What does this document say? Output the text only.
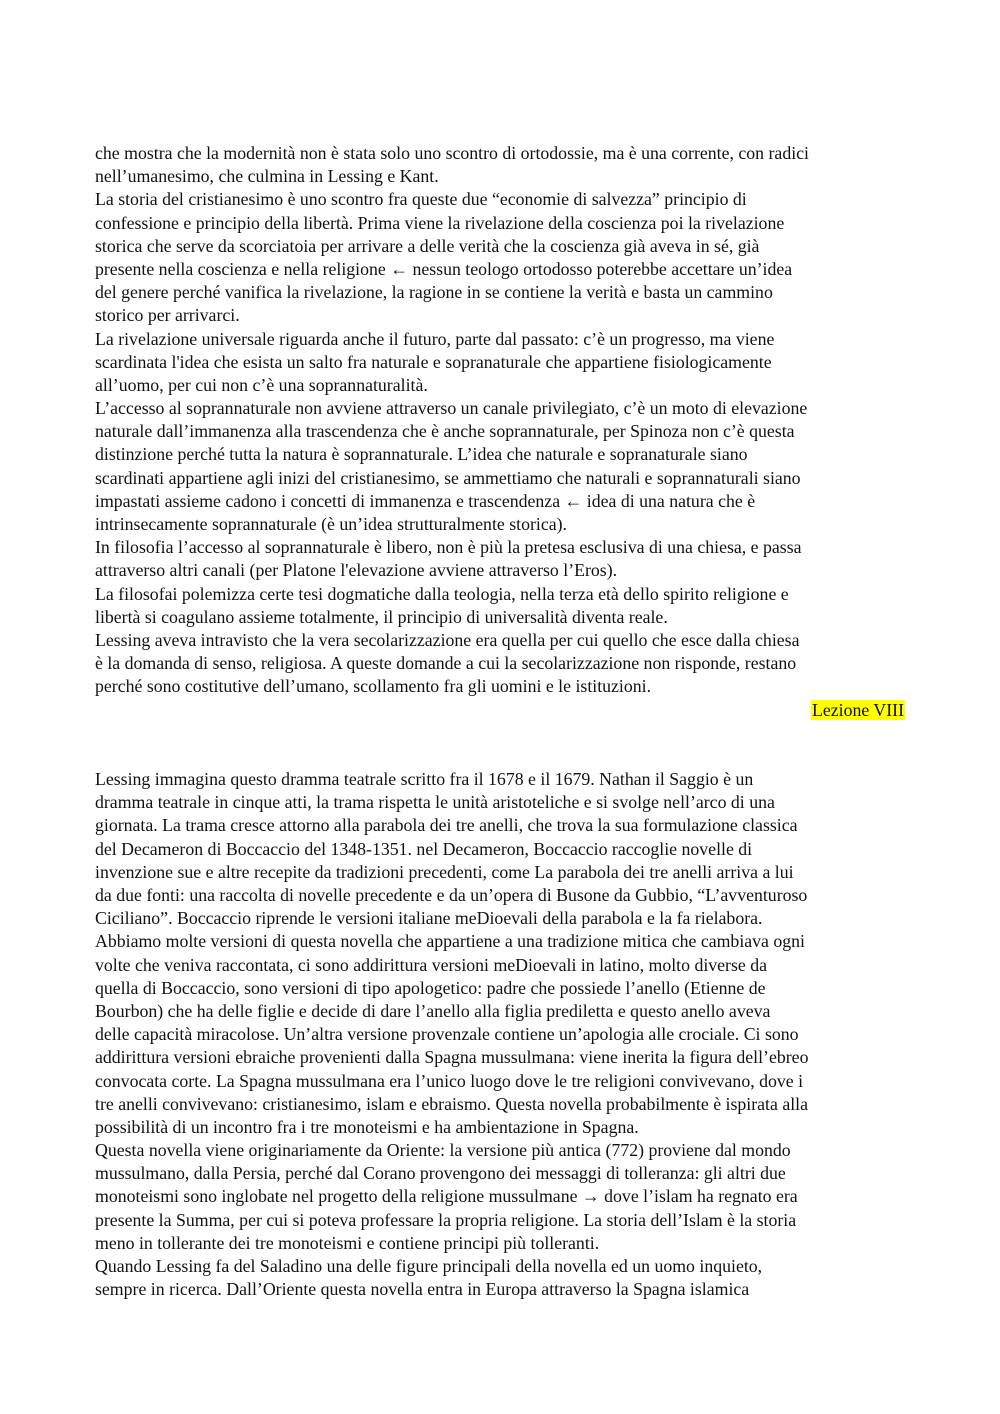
che mostra che la modernità non è stata solo uno scontro di ortodossie, ma è una corrente, con radici
nell’umanesimo, che culmina in Lessing e Kant.
La storia del cristianesimo è uno scontro fra queste due “economie di salvezza” principio di
confessione e principio della libertà. Prima viene la rivelazione della coscienza poi la rivelazione
storica che serve da scorciatoia per arrivare a delle verità che la coscienza già aveva in sé, già
presente nella coscienza e nella religione ← nessun teologo ortodosso poterebbe accettare un’idea
del genere perché vanifica la rivelazione, la ragione in se contiene la verità e basta un cammino
storico per arrivarci.
La rivelazione universale riguarda anche il futuro, parte dal passato: c’è un progresso, ma viene
scardinata l'idea che esista un salto fra naturale e sopranaturale che appartiene fisiologicamente
all’uomo, per cui non c’è una soprannaturalità.
L’accesso al soprannaturale non avviene attraverso un canale privilegiato, c’è un moto di elevazione
naturale dall’immanenza alla trascendenza che è anche soprannaturale, per Spinoza non c’è questa
distinzione perché tutta la natura è soprannaturale. L’idea che naturale e sopranaturale siano
scardinati appartiene agli inizi del cristianesimo, se ammettiamo che naturali e soprannaturali siano
impastati assieme cadono i concetti di immanenza e trascendenza ← idea di una natura che è
intrinsecamente soprannaturale (è un’idea strutturalmente storica).
In filosofia l’accesso al soprannaturale è libero, non è più la pretesa esclusiva di una chiesa, e passa
attraverso altri canali (per Platone l'elevazione avviene attraverso l’Eros).
La filosofai polemizza certe tesi dogmatiche dalla teologia, nella terza età dello spirito religione e
libertà si coagulano assieme totalmente, il principio di universalità diventa reale.
Lessing aveva intravisto che la vera secolarizzazione era quella per cui quello che esce dalla chiesa
è la domanda di senso, religiosa. A queste domande a cui la secolarizzazione non risponde, restano
perché sono costitutive dell’umano, scollamento fra gli uomini e le istituzioni.
Lezione VIII
Lessing immagina questo dramma teatrale scritto fra il 1678 e il 1679. Nathan il Saggio è un
dramma teatrale in cinque atti, la trama rispetta le unità aristoteliche e si svolge nell’arco di una
giornata. La trama cresce attorno alla parabola dei tre anelli, che trova la sua formulazione classica
del Decameron di Boccaccio del 1348-1351. nel Decameron, Boccaccio raccoglie novelle di
invenzione sue e altre recepite da tradizioni precedenti, come La parabola dei tre anelli arriva a lui
da due fonti: una raccolta di novelle precedente e da un’opera di Busone da Gubbio, “L’avventuroso
Ciciliano”. Boccaccio riprende le versioni italiane meDioevali della parabola e la fa rielabora.
Abbiamo molte versioni di questa novella che appartiene a una tradizione mitica che cambiava ogni
volte che veniva raccontata, ci sono addirittura versioni meDioevali in latino, molto diverse da
quella di Boccaccio, sono versioni di tipo apologetico: padre che possiede l’anello (Etienne de
Bourbon) che ha delle figlie e decide di dare l’anello alla figlia prediletta e questo anello aveva
delle capacità miracolose. Un’altra versione provenzale contiene un’apologia alle crociale. Ci sono
addirittura versioni ebraiche provenienti dalla Spagna mussulmana: viene inerita la figura dell’ebreo
convocata corte. La Spagna mussulmana era l’unico luogo dove le tre religioni convivevano, dove i
tre anelli convivevano: cristianesimo, islam e ebraismo. Questa novella probabilmente è ispirata alla
possibilità di un incontro fra i tre monoteismi e ha ambientazione in Spagna.
Questa novella viene originariamente da Oriente: la versione più antica (772) proviene dal mondo
mussulmano, dalla Persia, perché dal Corano provengono dei messaggi di tolleranza: gli altri due
monoteismi sono inglobate nel progetto della religione mussulmane → dove l’islam ha regnato era
presente la Summa, per cui si poteva professare la propria religione. La storia dell’Islam è la storia
meno in tollerante dei tre monoteismi e contiene principi più tolleranti.
Quando Lessing fa del Saladino una delle figure principali della novella ed un uomo inquieto,
sempre in ricerca. Dall’Oriente questa novella entra in Europa attraverso la Spagna islamica
